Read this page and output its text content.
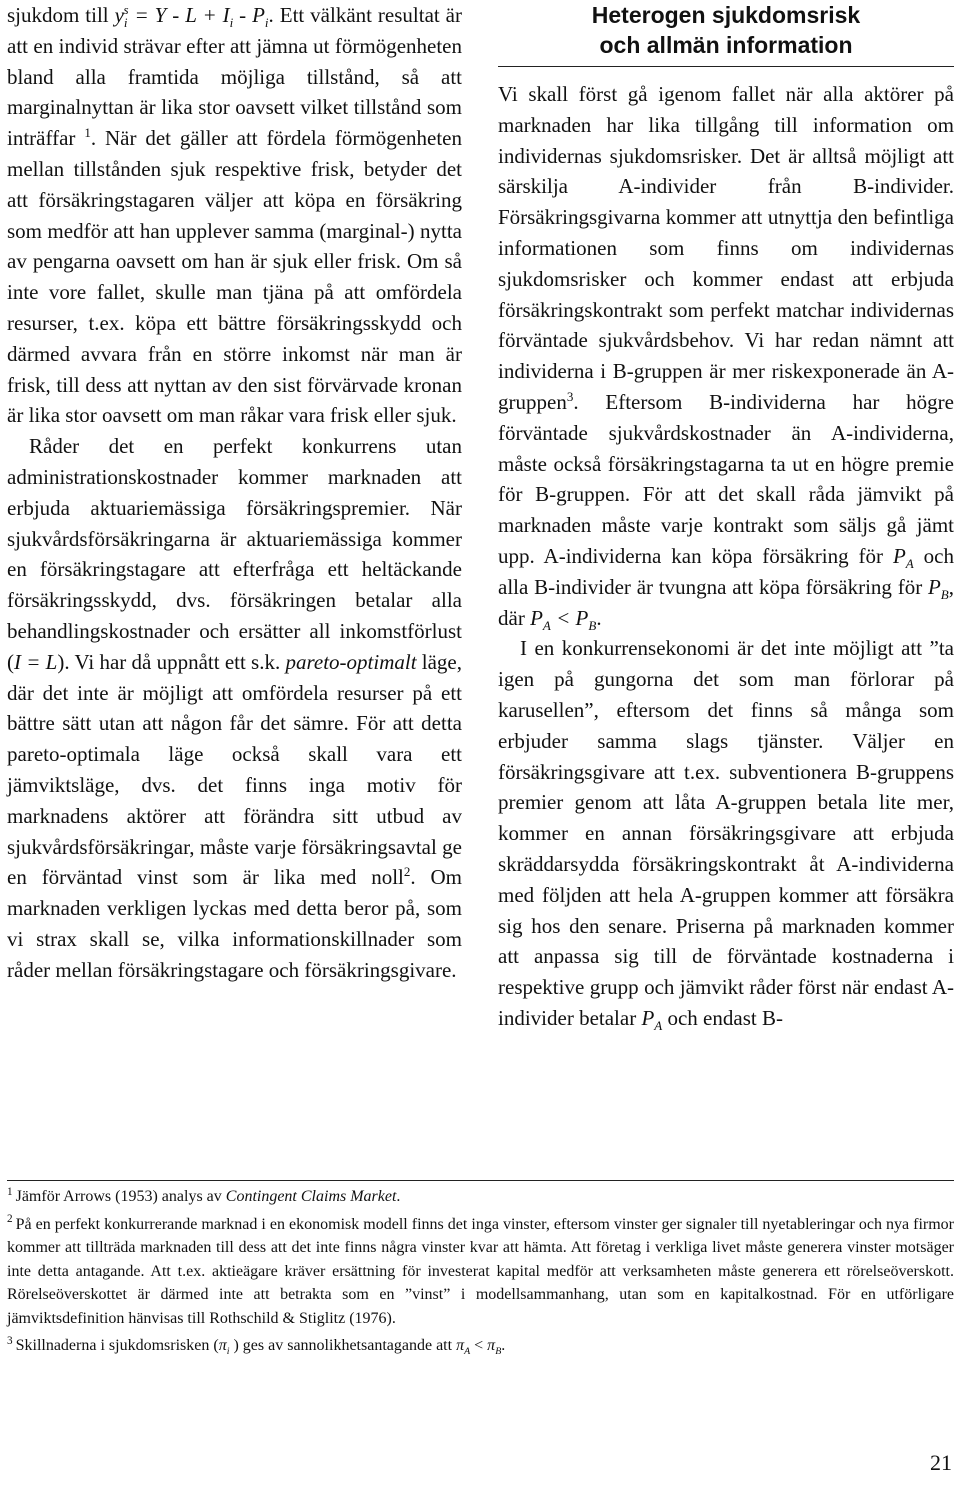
sjukdom till $y_i^s = Y - L + I_i - P_i$. Ett välkänt resultat är att en individ strävar efter att jämna ut förmögenheten bland alla framtida möjliga tillstånd, så att marginalnyttan är lika stor oavsett vilket tillstånd som inträffar $^1$. När det gäller att fördela förmögenheten mellan tillstånden sjuk respektive frisk, betyder det att försäkringstagaren väljer att köpa en försäkring som medför att han upplever samma (marginal-) nytta av pengarna oavsett om han är sjuk eller frisk. Om så inte vore fallet, skulle man tjäna på att omfördela resurser, t.ex. köpa ett bättre försäkringsskydd och därmed avvara från en större inkomst när man är frisk, till dess att nyttan av den sist förvärvade kronan är lika stor oavsett om man råkar vara frisk eller sjuk.

Råder det en perfekt konkurrens utan administrationskostnader kommer marknaden att erbjuda aktuariemässiga försäkringspremier. När sjukvårdsförsäkringarna är aktuariemässiga kommer en försäkringstagare att efterfråga ett heltäckande försäkringsskydd, dvs. försäkringen betalar alla behandlingskostnader och ersätter all inkomstförlust (I = L). Vi har då uppnått ett s.k. pareto-optimalt läge, där det inte är möjligt att omfördela resurser på ett bättre sätt utan att någon får det sämre. För att detta pareto-optimala läge också skall vara ett jämviktsläge, dvs. det finns inga motiv för marknadens aktörer att förändra sitt utbud av sjukvårdsförsäkringar, måste varje försäkringsavtal ge en förväntad vinst som är lika med noll$^2$. Om marknaden verkligen lyckas med detta beror på, som vi strax skall se, vilka informationskillnader som råder mellan försäkringstagare och försäkringsgivare.

Heterogen sjukdomsrisk
och allmän information

Vi skall först gå igenom fallet när alla aktörer på marknaden har lika tillgång till information om individernas sjukdomsrisker. Det är alltså möjligt att särskilja A-individer från B-individer. Försäkringsgivarna kommer att utnyttja den befintliga informationen som finns om individernas sjukdomsrisker och kommer endast att erbjuda försäkringskontrakt som perfekt matchar individernas förväntade sjukvårdsbehov. Vi har redan nämnt att individerna i B-gruppen är mer riskexponerade än A-gruppen$^3$. Eftersom B-individerna har högre förväntade sjukvårdskostnader än A-individerna, måste också försäkringstagarna ta ut en högre premie för B-gruppen. För att det skall råda jämvikt på marknaden måste varje kontrakt som säljs gå jämt upp. A-individerna kan köpa försäkring för $P_A$ och alla B-individer är tvungna att köpa försäkring för $P_B$, där $P_A < P_B$.

I en konkurrensekonomi är det inte möjligt att ”ta igen på gungorna det som man förlorar på karusellen”, eftersom det finns så många som erbjuder samma slags tjänster. Väljer en försäkringsgivare att t.ex. subventionera B-gruppens premier genom att låta A-gruppen betala lite mer, kommer en annan försäkringsgivare att erbjuda skräddarsydda försäkringskontrakt åt A-individerna med följden att hela A-gruppen kommer att försäkra sig hos den senare. Priserna på marknaden kommer att anpassa sig till de förväntade kostnaderna i respektive grupp och jämvikt råder först när endast A-individer betalar $P_A$ och endast B-

$^1$ Jämför Arrows (1953) analys av Contingent Claims Market.

$^2$ På en perfekt konkurrerande marknad i en ekonomisk modell finns det inga vinster, eftersom vinster ger signaler till nyetableringar och nya firmor kommer att tillträda marknaden till dess att det inte finns några vinster kvar att hämta. Att företag i verkliga livet måste generera vinster motsäger inte detta antagande. Att t.ex. aktieägare kräver ersättning för investerat kapital medför att verksamheten måste generera ett rörelseöverskott. Rörelseöverskottet är därmed inte att betrakta som en ”vinst” i modellsammanhang, utan som en kapitalkostnad. För en utförligare jämviktsdefinition hänvisas till Rothschild & Stiglitz (1976).

$^3$ Skillnaderna i sjukdomsrisken ($\pi_i$ ) ges av sannolikhetsantagande att $\pi_A < \pi_B$.

21
